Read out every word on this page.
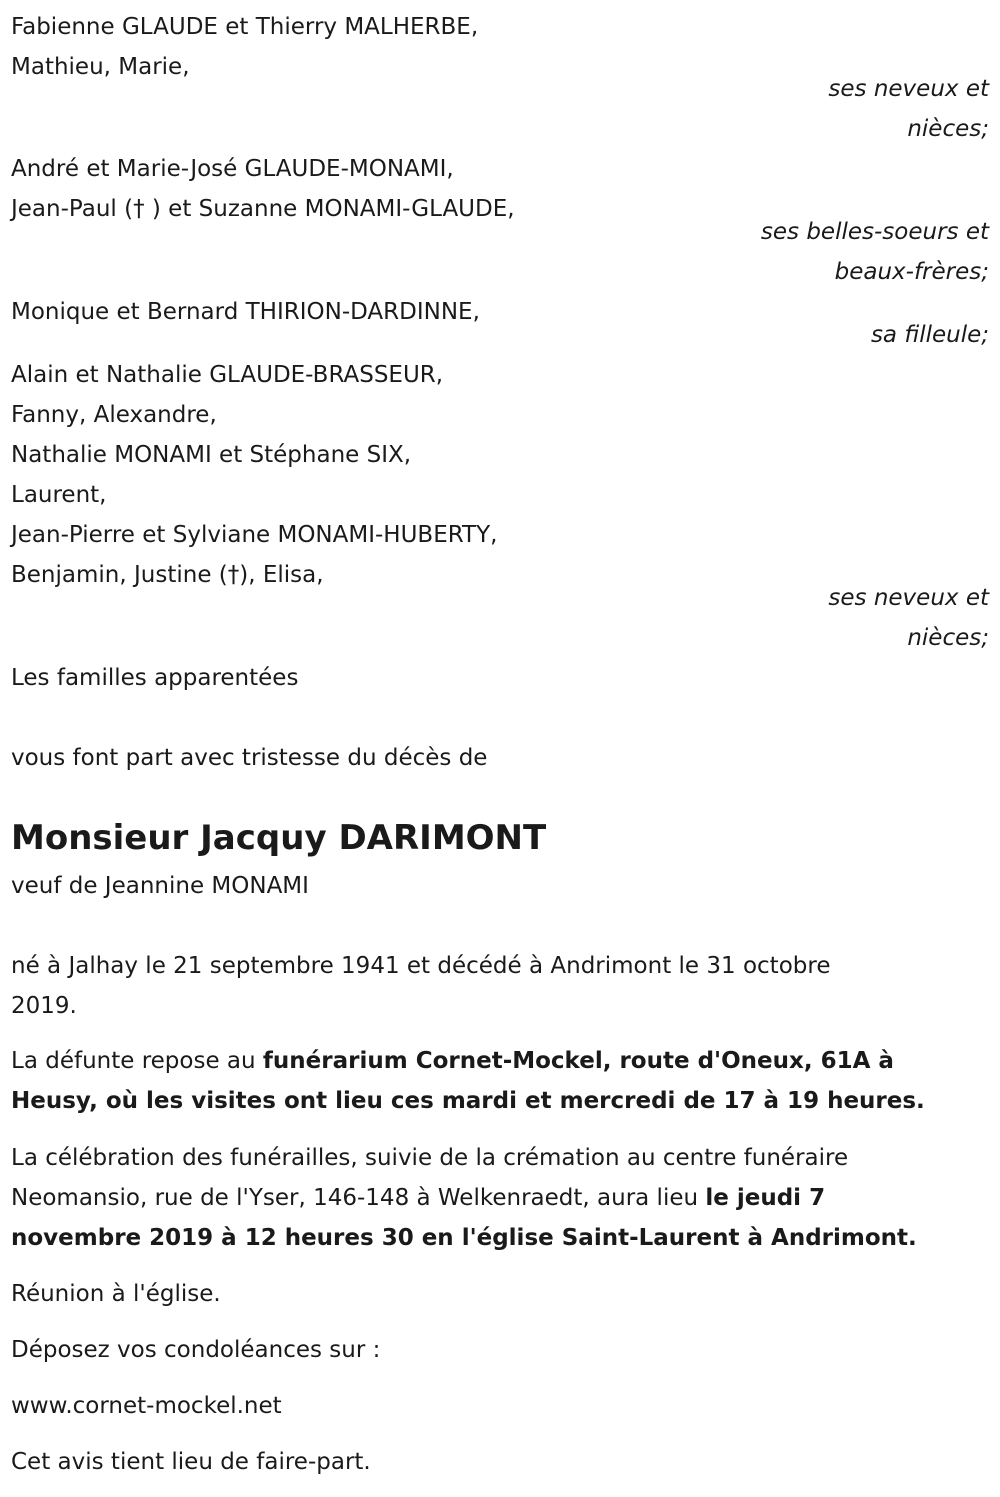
Fabienne GLAUDE et Thierry MALHERBE,
Mathieu, Marie,
ses neveux et
nièces;
André et Marie-José GLAUDE-MONAMI,
Jean-Paul († ) et Suzanne MONAMI-GLAUDE,
ses belles-soeurs et
beaux-frères;
Monique et Bernard THIRION-DARDINNE,
sa filleule;
Alain et Nathalie GLAUDE-BRASSEUR,
Fanny, Alexandre,
Nathalie MONAMI et Stéphane SIX,
Laurent,
Jean-Pierre et Sylviane MONAMI-HUBERTY,
Benjamin, Justine (†), Elisa,
ses neveux et
nièces;
Les familles apparentées
vous font part avec tristesse du décès de
Monsieur Jacquy DARIMONT
veuf de Jeannine MONAMI
né à Jalhay le 21 septembre 1941 et décédé à Andrimont le 31 octobre
2019.
La défunte repose au funérarium Cornet-Mockel, route d'Oneux, 61A à
Heusy, où les visites ont lieu ces mardi et mercredi de 17 à 19 heures.
La célébration des funérailles, suivie de la crémation au centre funéraire
Neomansio, rue de l'Yser, 146-148 à Welkenraedt, aura lieu le jeudi 7
novembre 2019 à 12 heures 30 en l'église Saint-Laurent à Andrimont.
Réunion à l'église.
Déposez vos condoléances sur :
www.cornet-mockel.net
Cet avis tient lieu de faire-part.
